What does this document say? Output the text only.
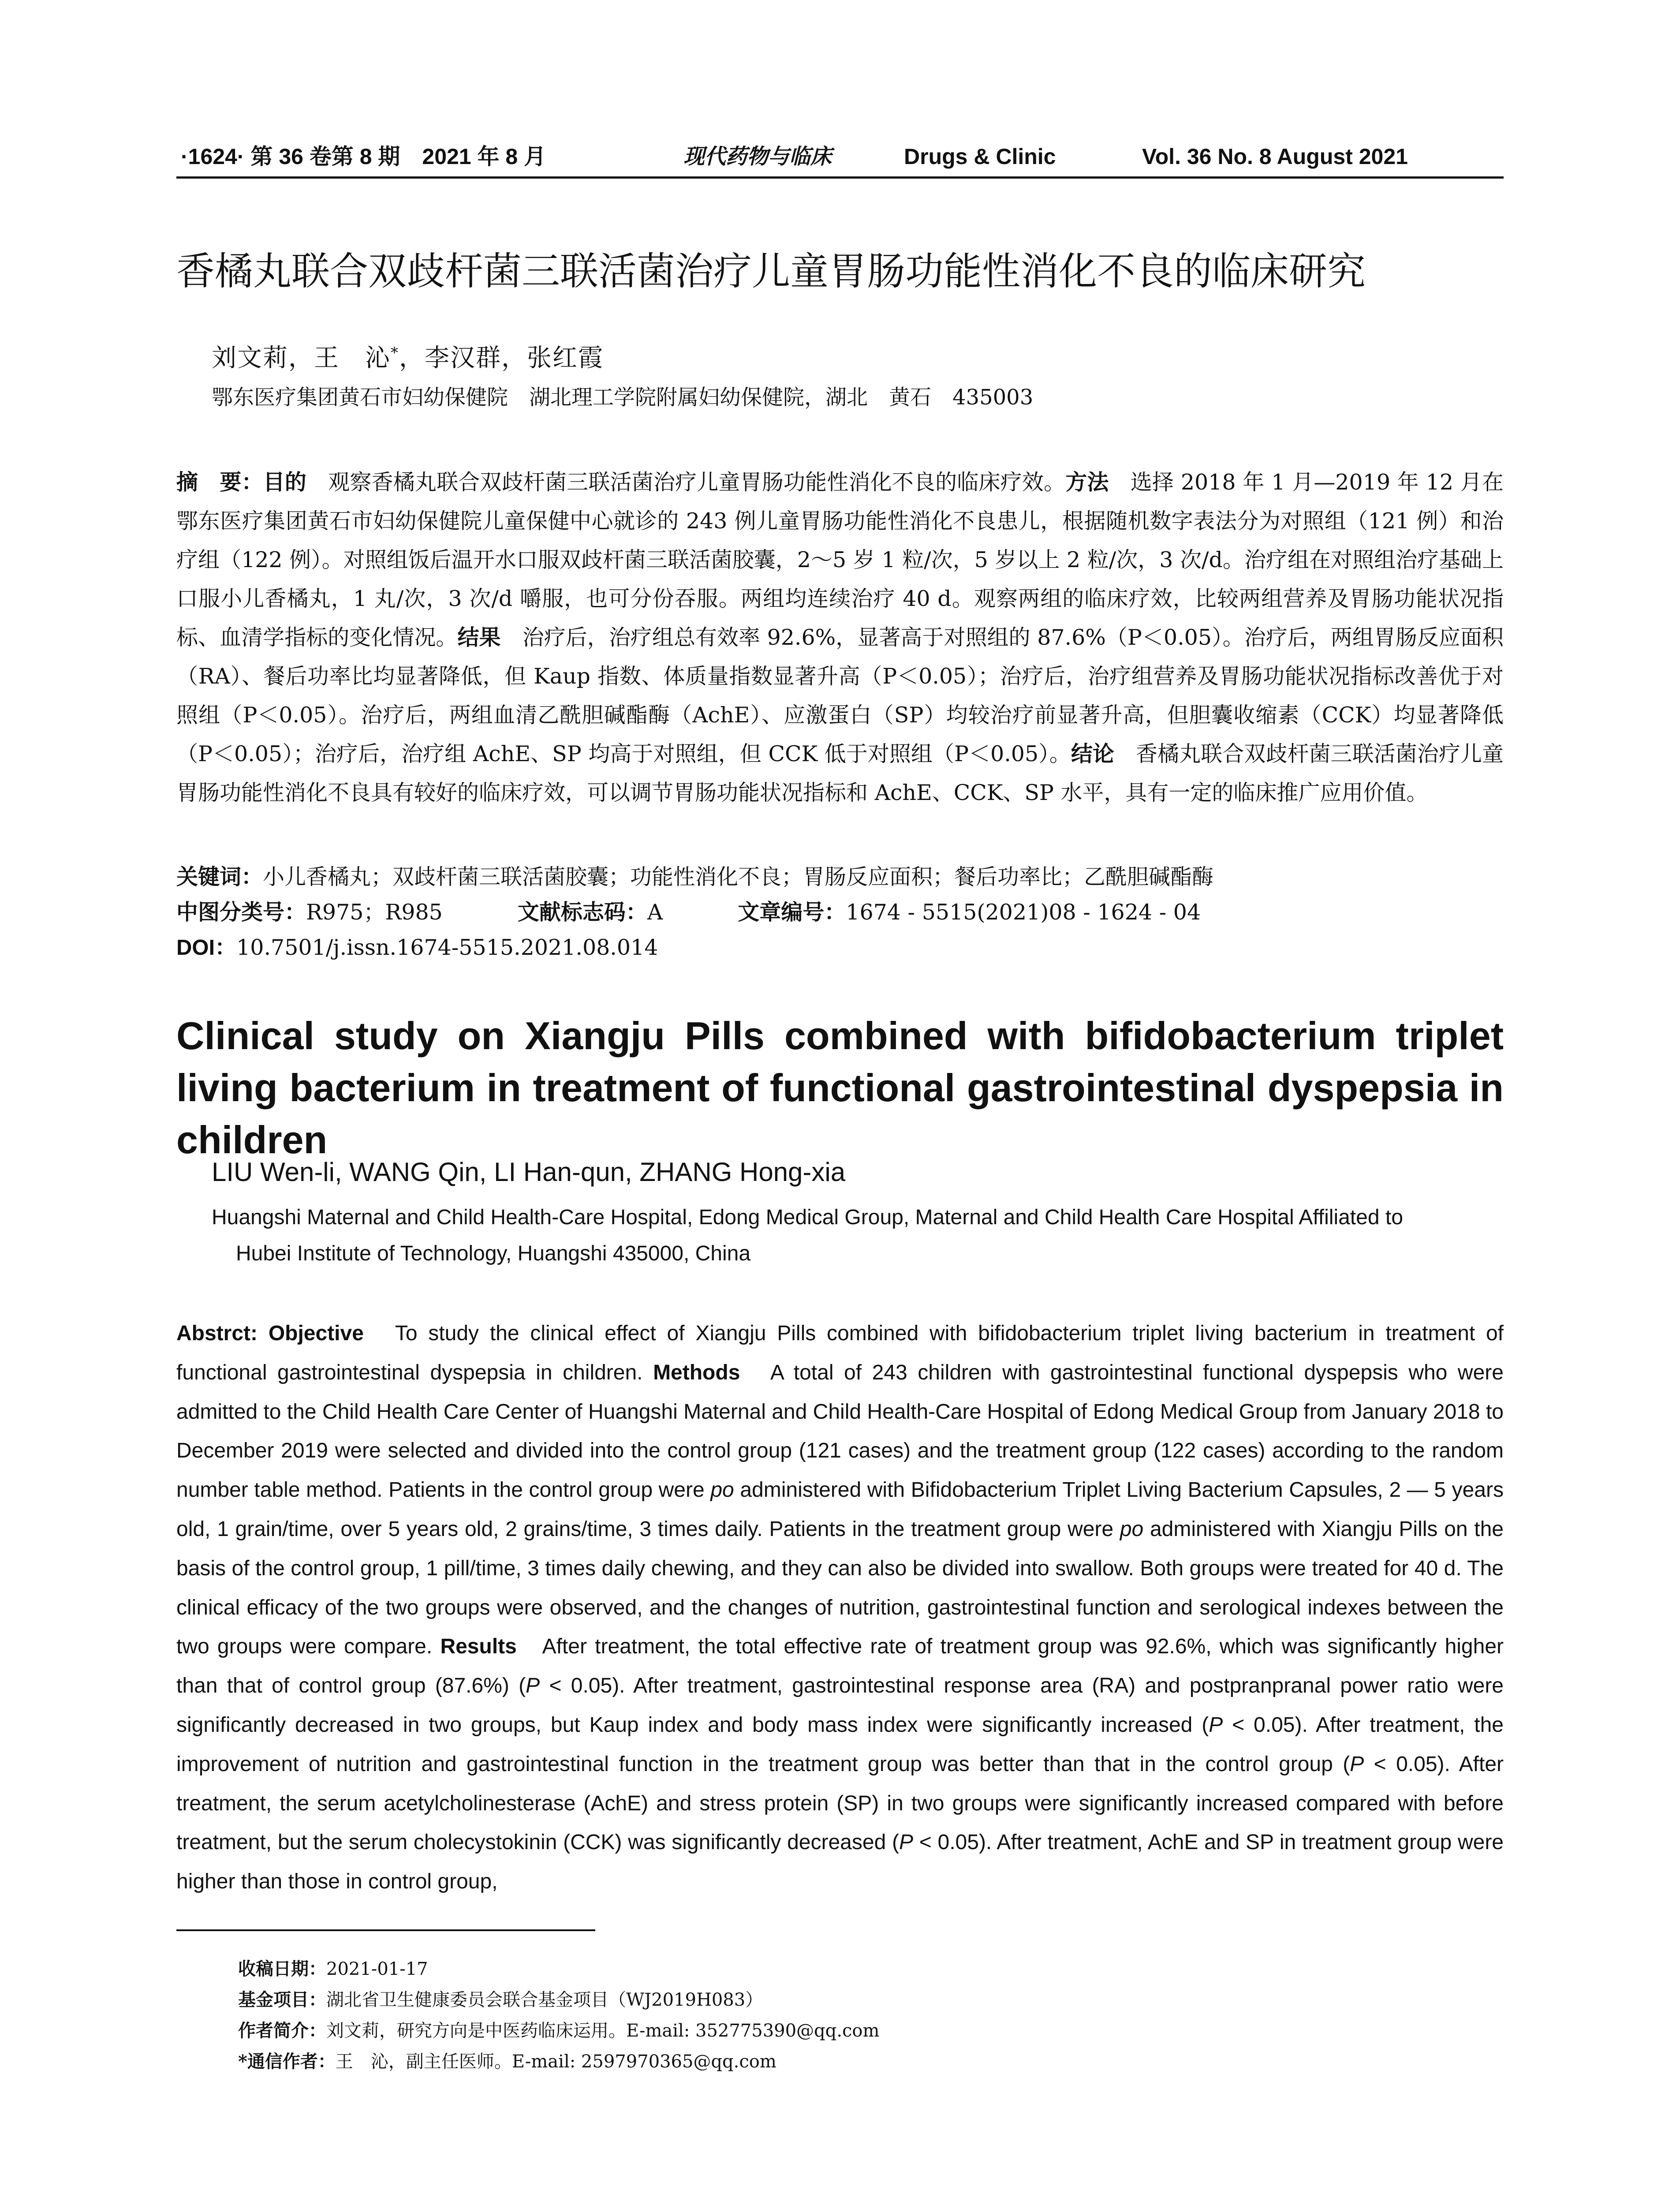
·1624· 第 36 卷第 8 期　2021 年 8 月	现代药物与临床	Drugs & Clinic	Vol. 36 No. 8 August 2021
香橘丸联合双歧杆菌三联活菌治疗儿童胃肠功能性消化不良的临床研究
刘文莉，王　沁*，李汉群，张红霞
鄂东医疗集团黄石市妇幼保健院　湖北理工学院附属妇幼保健院，湖北　黄石　435003

摘　要：目的　观察香橘丸联合双歧杆菌三联活菌治疗儿童胃肠功能性消化不良的临床疗效。方法　选择 2018 年 1 月—2019 年 12 月在鄂东医疗集团黄石市妇幼保健院儿童保健中心就诊的 243 例儿童胃肠功能性消化不良患儿，根据随机数字表法分为对照组（121 例）和治疗组（122 例）。对照组饭后温开水口服双歧杆菌三联活菌胶囊，2～5 岁 1 粒/次，5 岁以上 2 粒/次，3 次/d。治疗组在对照组治疗基础上口服小儿香橘丸，1 丸/次，3 次/d 嚼服，也可分份吞服。两组均连续治疗 40 d。观察两组的临床疗效，比较两组营养及胃肠功能状况指标、血清学指标的变化情况。结果　治疗后，治疗组总有效率 92.6%，显著高于对照组的 87.6%（P＜0.05）。治疗后，两组胃肠反应面积（RA）、餐后功率比均显著降低，但 Kaup 指数、体质量指数显著升高（P＜0.05）；治疗后，治疗组营养及胃肠功能状况指标改善优于对照组（P＜0.05）。治疗后，两组血清乙酰胆碱酯酶（AchE）、应激蛋白（SP）均较治疗前显著升高，但胆囊收缩素（CCK）均显著降低（P＜0.05）；治疗后，治疗组 AchE、SP 均高于对照组，但 CCK 低于对照组（P＜0.05）。结论　香橘丸联合双歧杆菌三联活菌治疗儿童胃肠功能性消化不良具有较好的临床疗效，可以调节胃肠功能状况指标和 AchE、CCK、SP 水平，具有一定的临床推广应用价值。

关键词：小儿香橘丸；双歧杆菌三联活菌胶囊；功能性消化不良；胃肠反应面积；餐后功率比；乙酰胆碱酯酶
中图分类号：R975；R985	文献标志码：A	文章编号：1674 - 5515(2021)08 - 1624 - 04
DOI：10.7501/j.issn.1674-5515.2021.08.014
Clinical study on Xiangju Pills combined with bifidobacterium triplet living bacterium in treatment of functional gastrointestinal dyspepsia in children
LIU Wen-li, WANG Qin, LI Han-qun, ZHANG Hong-xia
Huangshi Maternal and Child Health-Care Hospital, Edong Medical Group, Maternal and Child Health Care Hospital Affiliated to
Hubei Institute of Technology, Huangshi 435000, China

Abstrct: Objective　To study the clinical effect of Xiangju Pills combined with bifidobacterium triplet living bacterium in treatment of functional gastrointestinal dyspepsia in children. Methods　A total of 243 children with gastrointestinal functional dyspepsis who were admitted to the Child Health Care Center of Huangshi Maternal and Child Health-Care Hospital of Edong Medical Group from January 2018 to December 2019 were selected and divided into the control group (121 cases) and the treatment group (122 cases) according to the random number table method. Patients in the control group were po administered with Bifidobacterium Triplet Living Bacterium Capsules, 2 — 5 years old, 1 grain/time, over 5 years old, 2 grains/time, 3 times daily. Patients in the treatment group were po administered with Xiangju Pills on the basis of the control group, 1 pill/time, 3 times daily chewing, and they can also be divided into swallow. Both groups were treated for 40 d. The clinical efficacy of the two groups were observed, and the changes of nutrition, gastrointestinal function and serological indexes between the two groups were compare. Results　After treatment, the total effective rate of treatment group was 92.6%, which was significantly higher than that of control group (87.6%) (P < 0.05). After treatment, gastrointestinal response area (RA) and postpranpranal power ratio were significantly decreased in two groups, but Kaup index and body mass index were significantly increased (P < 0.05). After treatment, the improvement of nutrition and gastrointestinal function in the treatment group was better than that in the control group (P < 0.05). After treatment, the serum acetylcholinesterase (AchE) and stress protein (SP) in two groups were significantly increased compared with before treatment, but the serum cholecystokinin (CCK) was significantly decreased (P < 0.05). After treatment, AchE and SP in treatment group were higher than those in control group,

收稿日期：2021-01-17
基金项目：湖北省卫生健康委员会联合基金项目（WJ2019H083）
作者简介：刘文莉，研究方向是中医药临床运用。E-mail: 352775390@qq.com
*通信作者：王　沁，副主任医师。E-mail: 2597970365@qq.com
